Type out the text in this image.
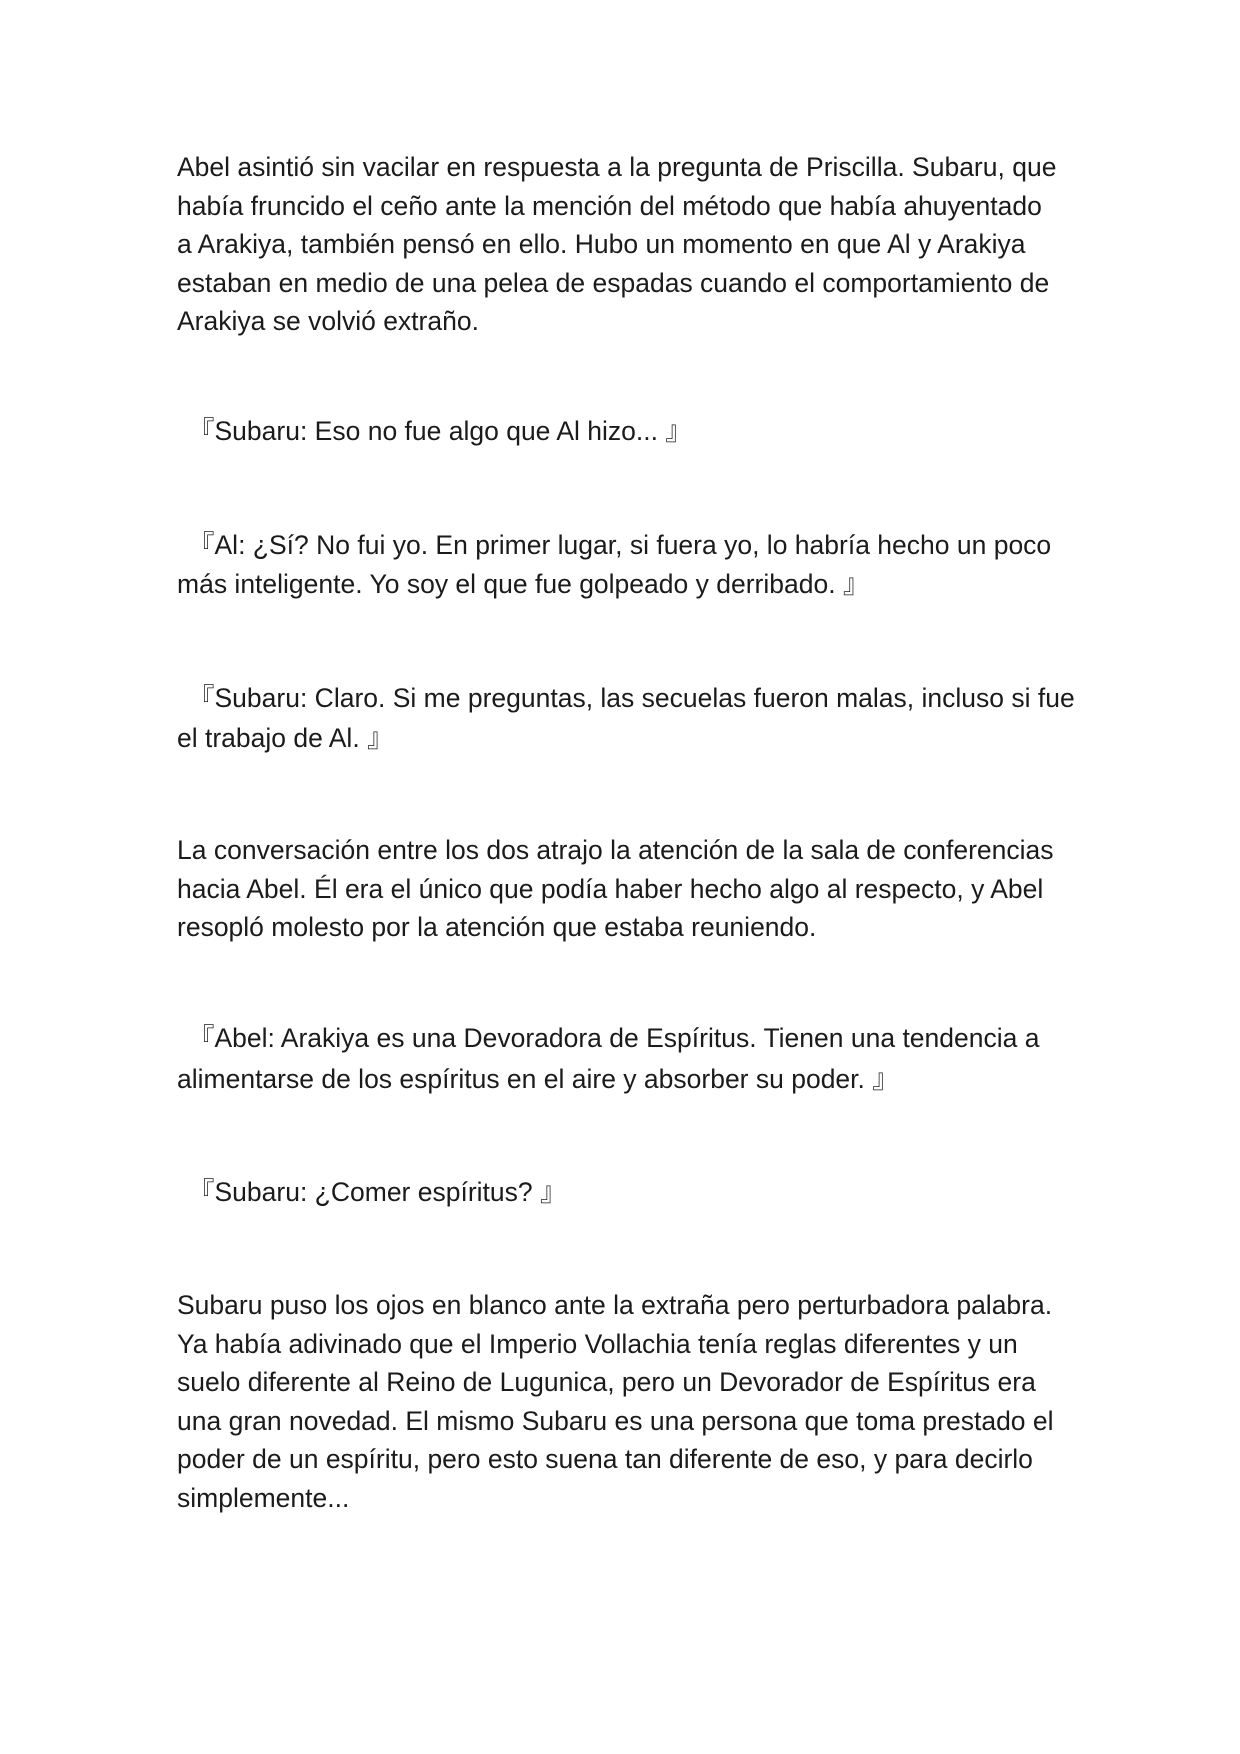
Abel asintió sin vacilar en respuesta a la pregunta de Priscilla. Subaru, que
había fruncido el ceño ante la mención del método que había ahuyentado
a Arakiya, también pensó en ello. Hubo un momento en que Al y Arakiya
estaban en medio de una pelea de espadas cuando el comportamiento de
Arakiya se volvió extraño.
『Subaru: Eso no fue algo que Al hizo... 』
『Al: ¿Sí? No fui yo. En primer lugar, si fuera yo, lo habría hecho un poco
más inteligente. Yo soy el que fue golpeado y derribado. 』
『Subaru: Claro. Si me preguntas, las secuelas fueron malas, incluso si fue
el trabajo de Al. 』
La conversación entre los dos atrajo la atención de la sala de conferencias
hacia Abel. Él era el único que podía haber hecho algo al respecto, y Abel
resopló molesto por la atención que estaba reuniendo.
『Abel: Arakiya es una Devoradora de Espíritus. Tienen una tendencia a
alimentarse de los espíritus en el aire y absorber su poder. 』
『Subaru: ¿Comer espíritus? 』
Subaru puso los ojos en blanco ante la extraña pero perturbadora palabra.
Ya había adivinado que el Imperio Vollachia tenía reglas diferentes y un
suelo diferente al Reino de Lugunica, pero un Devorador de Espíritus era
una gran novedad. El mismo Subaru es una persona que toma prestado el
poder de un espíritu, pero esto suena tan diferente de eso, y para decirlo
simplemente...
